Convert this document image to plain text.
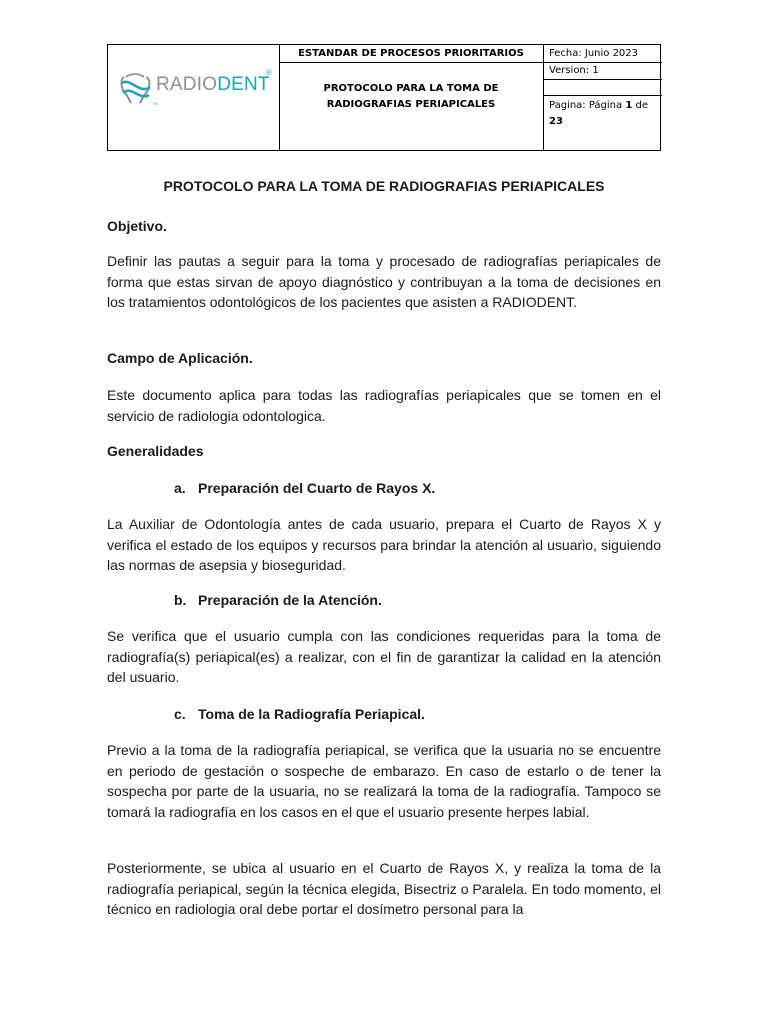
RADIODENT
®
TM
ESTANDAR DE PROCESOS PRIORITARIOS
PROTOCOLO PARA LA TOMA DE RADIOGRAFIAS PERIAPICALES
Fecha: Junio 2023
Version: 1
Pagina: Página 1 de
23
PROTOCOLO PARA LA TOMA DE RADIOGRAFIAS PERIAPICALES
Objetivo.
Definir las pautas a seguir para la toma y procesado de radiografías periapicales de forma que estas sirvan de apoyo diagnóstico y contribuyan a la toma de decisiones en los tratamientos odontológicos de los pacientes que asisten a RADIODENT.
Campo de Aplicación.
Este documento aplica para todas las radiografías periapicales que se tomen en el servicio de radiologia odontologica.
Generalidades
a. Preparación del Cuarto de Rayos X.
La Auxiliar de Odontología antes de cada usuario, prepara el Cuarto de Rayos X y verifica el estado de los equipos y recursos para brindar la atención al usuario, siguiendo las normas de asepsia y bioseguridad.
b. Preparación de la Atención.
Se verifica que el usuario cumpla con las condiciones requeridas para la toma de radiografía(s) periapical(es) a realizar, con el fin de garantizar la calidad en la atención del usuario.
c. Toma de la Radiografía Periapical.
Previo a la toma de la radiografía periapical, se verifica que la usuaria no se encuentre en periodo de gestación o sospeche de embarazo. En caso de estarlo o de tener la sospecha por parte de la usuaria, no se realizará la toma de la radiografía. Tampoco se tomará la radiografía en los casos en el que el usuario presente herpes labial.
Posteriormente, se ubica al usuario en el Cuarto de Rayos X, y realiza la toma de la radiografía periapical, según la técnica elegida, Bisectriz o Paralela. En todo momento, el técnico en radiologia oral debe portar el dosímetro personal para la
